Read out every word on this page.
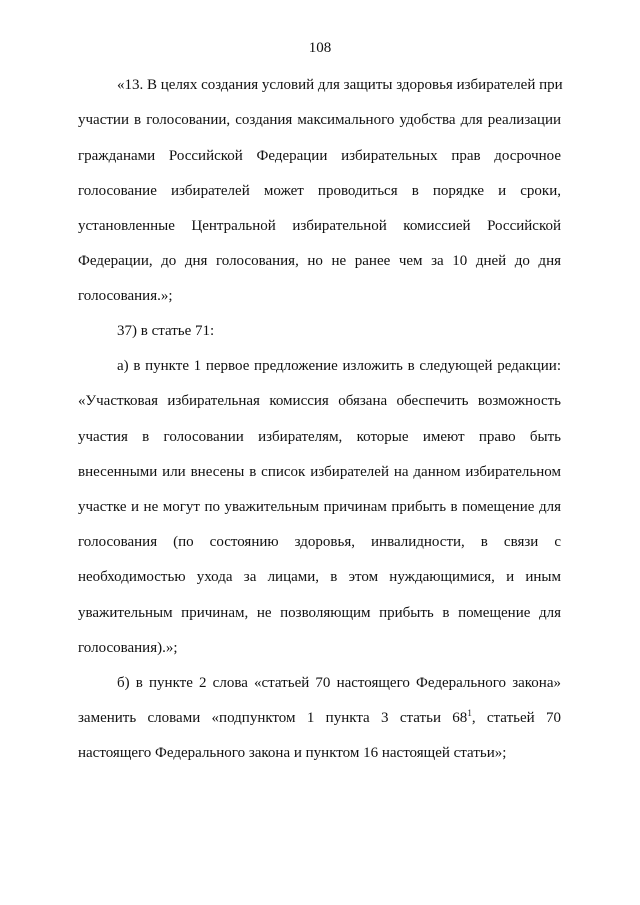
108
«13. В целях создания условий для защиты здоровья избирателей при
участии в голосовании, создания максимального удобства для реализации
гражданами Российской Федерации избирательных прав досрочное
голосование избирателей может проводиться в порядке и сроки,
установленные Центральной избирательной комиссией Российской
Федерации, до дня голосования, но не ранее чем за 10 дней до дня
голосования.»;
37) в статье 71:
а) в пункте 1 первое предложение изложить в следующей редакции:
«Участковая избирательная комиссия обязана обеспечить возможность
участия в голосовании избирателям, которые имеют право быть
внесенными или внесены в список избирателей на данном избирательном
участке и не могут по уважительным причинам прибыть в помещение для
голосования (по состоянию здоровья, инвалидности, в связи с
необходимостью ухода за лицами, в этом нуждающимися, и иным
уважительным причинам, не позволяющим прибыть в помещение для
голосования).»;
б) в пункте 2 слова «статьей 70 настоящего Федерального закона»
заменить словами «подпунктом 1 пункта 3 статьи $68^1$, статьей 70
настоящего Федерального закона и пунктом 16 настоящей статьи»;
